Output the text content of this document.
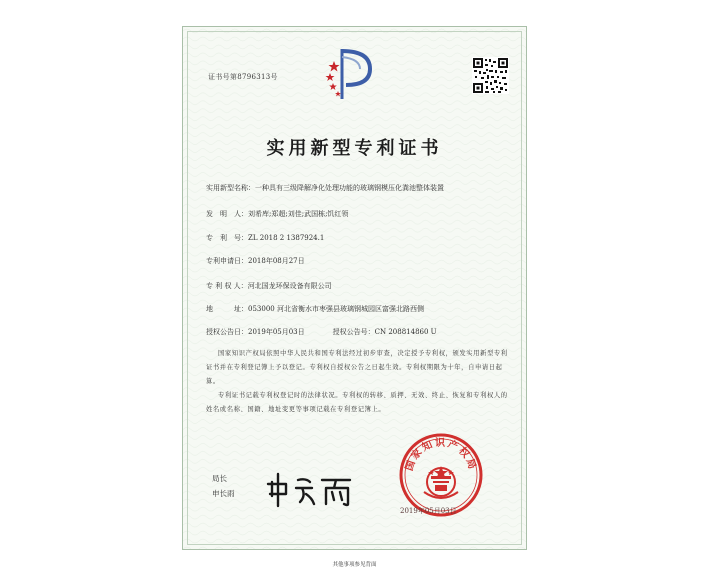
证书号第8796313号
实用新型专利证书
实用新型名称：一种具有三级降解净化处理功能的玻璃钢模压化粪池整体装置
发　明　人：刘希库;郑超;刘佳;武国栋;饥红领
专　利　号：ZL 2018 2 1387924.1
专利申请日：2018年08月27日
专 利 权 人：河北国龙环保设备有限公司
地　　　址：053000 河北省衡水市枣强县玻璃钢城园区富强北路西侧
授权公告日：2019年05月03日	授权公告号：CN 208814860 U

国家知识产权局依照中华人民共和国专利法经过初步审查，决定授予专利权，颁发实用新型专利证书并在专利登记簿上予以登记。专利权自授权公告之日起生效。专利权期限为十年，自申请日起算。

专利证书记载专利权登记时的法律状况。专利权的转移、质押、无效、终止、恢复和专利权人的姓名或名称、国籍、地址变更等事项记载在专利登记簿上。

局长
申长雨
国家知识产权局
2019年05月03日
其他事项参见背面
